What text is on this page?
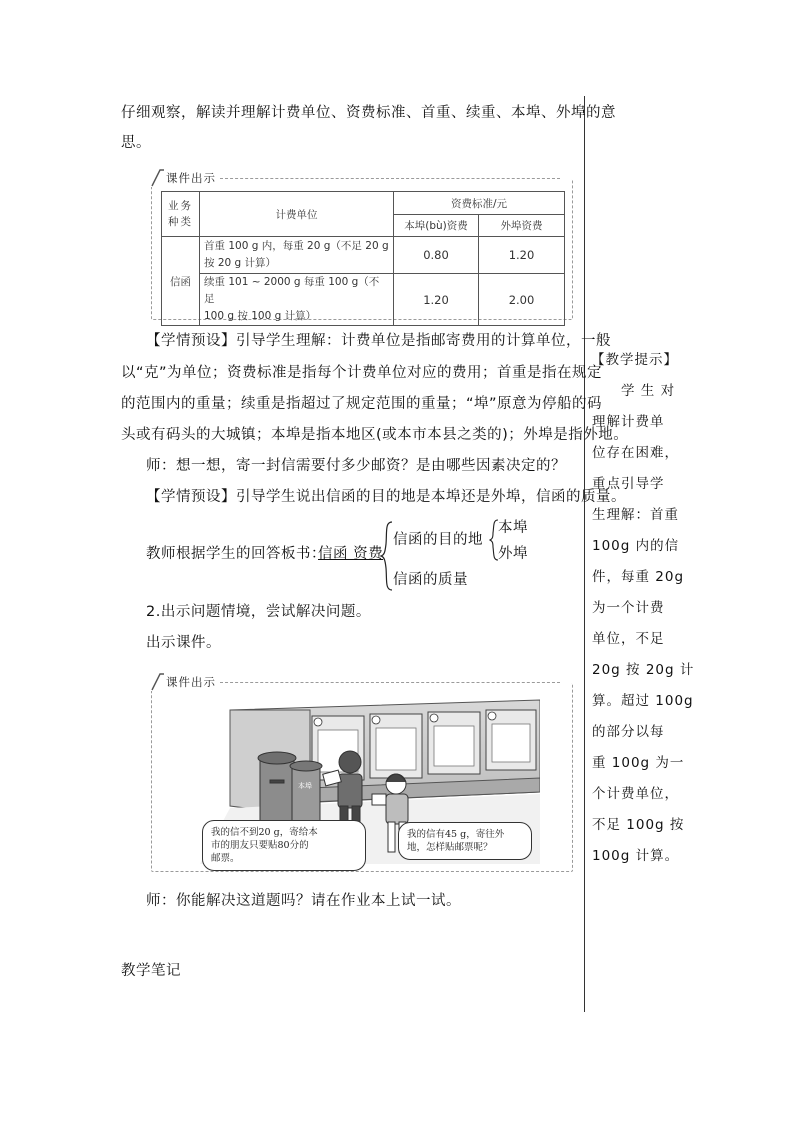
仔细观察，解读并理解计费单位、资费标准、首重、续重、本埠、外埠的意
思。
课件出示
业务种类	计费单位	资费标准/元	
		本埠(bù)资费	外埠资费
信函	首重 100 g 内，每重 20 g（不足 20 g
按 20 g 计算）	0.80	1.20

	续重 101 ~ 2000 g 每重 100 g（不足
100 g 按 100 g 计算）	1.20	2.00
【学情预设】引导学生理解：计费单位是指邮寄费用的计算单位，一般
以“克”为单位；资费标准是指每个计费单位对应的费用；首重是指在规定
的范围内的重量；续重是指超过了规定范围的重量；“埠”原意为停船的码
头或有码头的大城镇；本埠是指本地区(或本市本县之类的)；外埠是指外地。
师：想一想，寄一封信需要付多少邮资？是由哪些因素决定的？
【学情预设】引导学生说出信函的目的地是本埠还是外埠，信函的质量。
教师根据学生的回答板书：
信函 资费
信函的目的地
本埠
外埠
信函的质量
2.出示问题情境，尝试解决问题。
出示课件。
课件出示
本埠
我的信不到20 g，寄给本
市的朋友只要贴80分的
邮票。
我的信有45 g，寄往外
地，怎样贴邮票呢？
师：你能解决这道题吗？请在作业本上试一试。
教学笔记
【教学提示】
学 生 对
理解计费单
位存在困难，
重点引导学
生理解：首重
100g 内的信
件，每重 20g
为一个计费
单位，不足
20g 按 20g 计
算。超过 100g
的部分以每
重 100g 为一
个计费单位，
不足 100g 按
100g 计算。
